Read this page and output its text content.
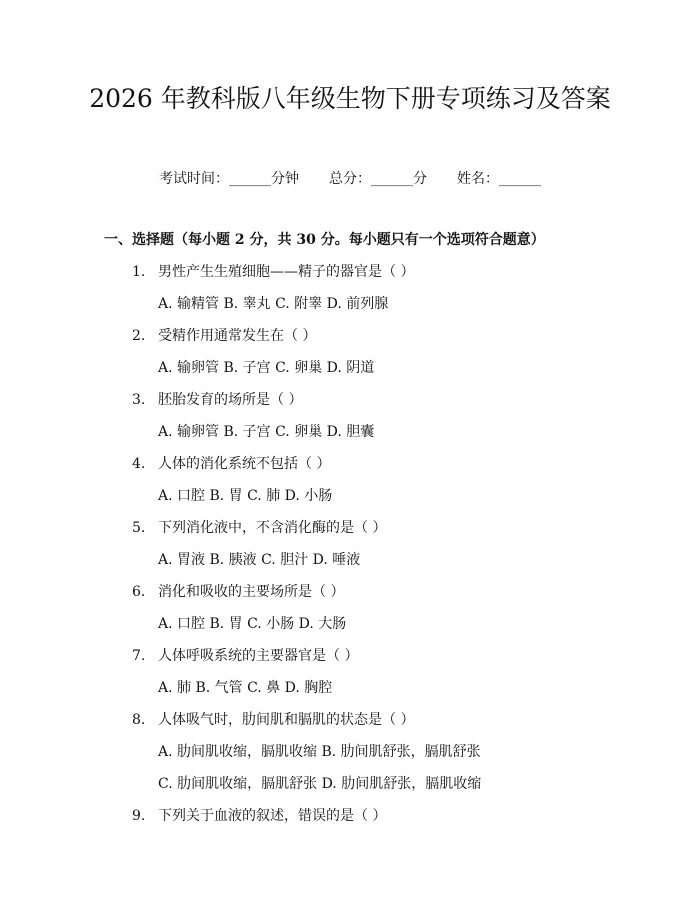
2026 年教科版八年级生物下册专项练习及答案
考试时间：______分钟 总分：______分 姓名：______
一、选择题（每小题 2 分，共 30 分。每小题只有一个选项符合题意）
1. 男性产生生殖细胞——精子的器官是（ ）
A. 输精管 B. 睾丸 C. 附睾 D. 前列腺
2. 受精作用通常发生在（ ）
A. 输卵管 B. 子宫 C. 卵巢 D. 阴道
3. 胚胎发育的场所是（ ）
A. 输卵管 B. 子宫 C. 卵巢 D. 胆囊
4. 人体的消化系统不包括（ ）
A. 口腔 B. 胃 C. 肺 D. 小肠
5. 下列消化液中，不含消化酶的是（ ）
A. 胃液 B. 胰液 C. 胆汁 D. 唾液
6. 消化和吸收的主要场所是（ ）
A. 口腔 B. 胃 C. 小肠 D. 大肠
7. 人体呼吸系统的主要器官是（ ）
A. 肺 B. 气管 C. 鼻 D. 胸腔
8. 人体吸气时，肋间肌和膈肌的状态是（ ）
A. 肋间肌收缩，膈肌收缩 B. 肋间肌舒张，膈肌舒张
C. 肋间肌收缩，膈肌舒张 D. 肋间肌舒张，膈肌收缩
9. 下列关于血液的叙述，错误的是（ ）
